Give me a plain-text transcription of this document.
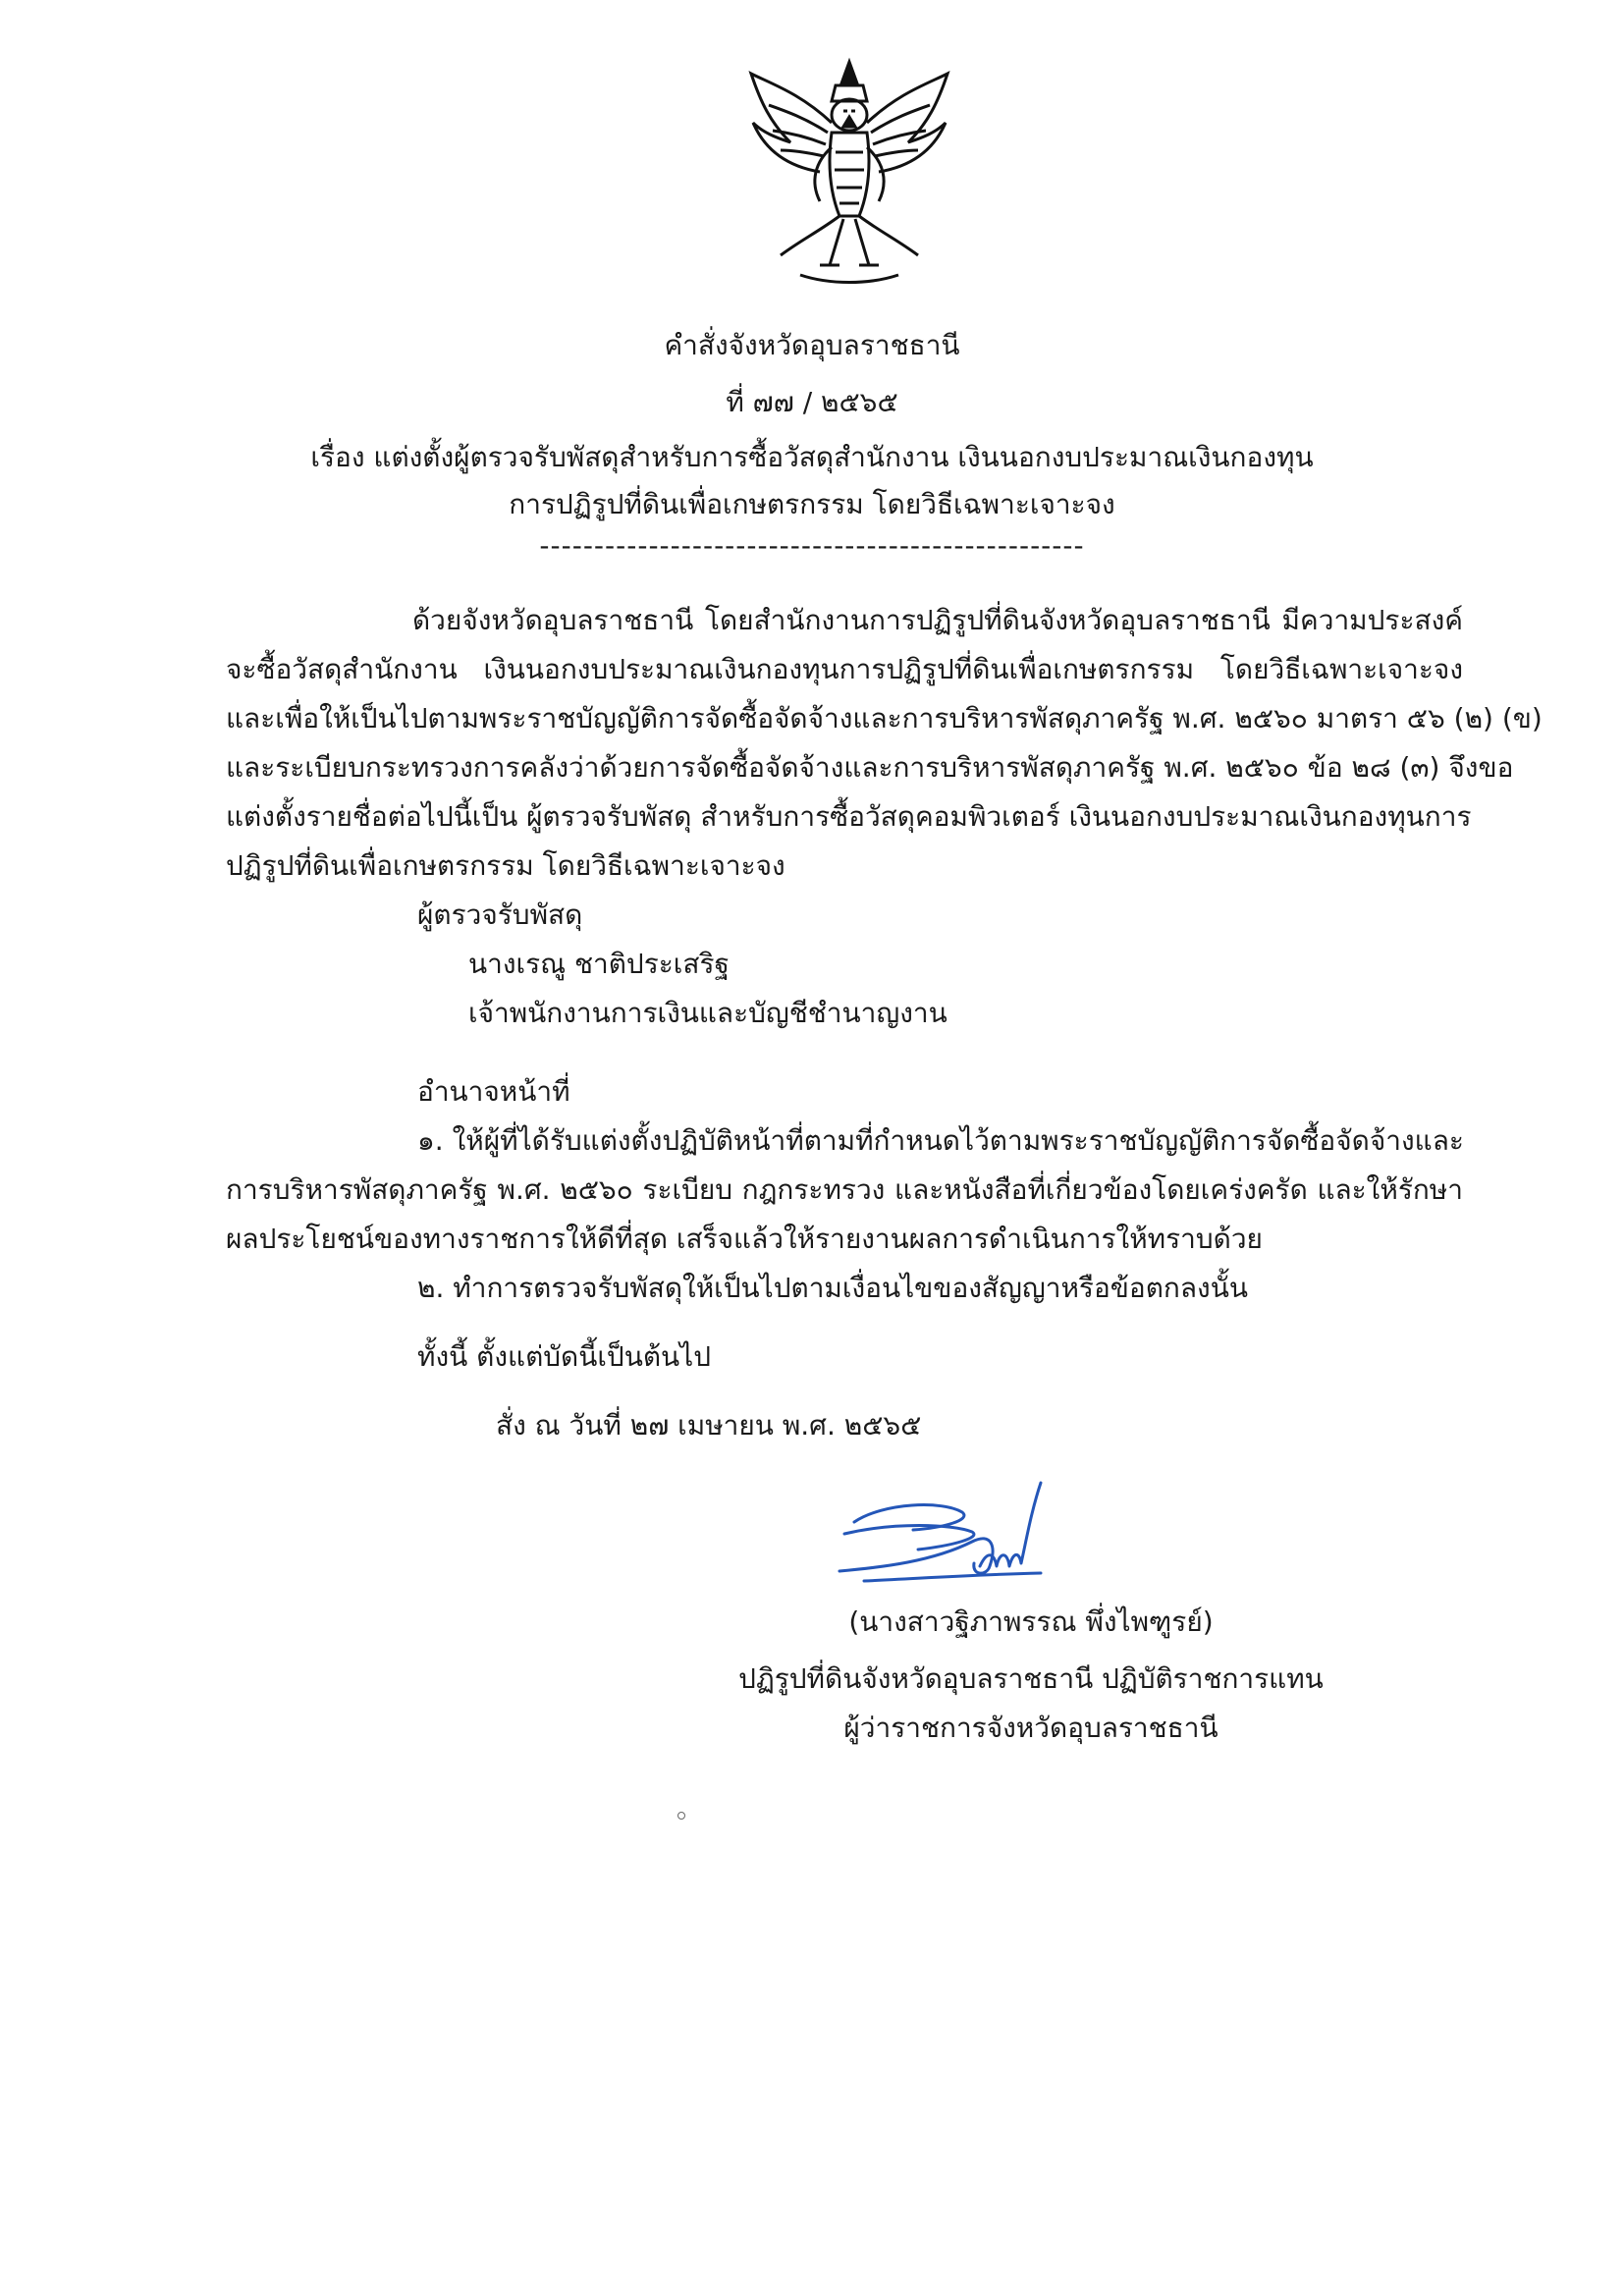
คำสั่งจังหวัดอุบลราชธานี
ที่ ๗๗ / ๒๕๖๕
เรื่อง แต่งตั้งผู้ตรวจรับพัสดุสำหรับการซื้อวัสดุสำนักงาน เงินนอกงบประมาณเงินกองทุน
การปฏิรูปที่ดินเพื่อเกษตรกรรม โดยวิธีเฉพาะเจาะจง
--------------------------------------------------
ด้วยจังหวัดอุบลราชธานี โดยสำนักงานการปฏิรูปที่ดินจังหวัดอุบลราชธานี มีความประสงค์
จะซื้อวัสดุสำนักงาน เงินนอกงบประมาณเงินกองทุนการปฏิรูปที่ดินเพื่อเกษตรกรรม โดยวิธีเฉพาะเจาะจง
และเพื่อให้เป็นไปตามพระราชบัญญัติการจัดซื้อจัดจ้างและการบริหารพัสดุภาครัฐ พ.ศ. ๒๕๖๐ มาตรา ๕๖ (๒) (ข)
และระเบียบกระทรวงการคลังว่าด้วยการจัดซื้อจัดจ้างและการบริหารพัสดุภาครัฐ พ.ศ. ๒๕๖๐ ข้อ ๒๘ (๓) จึงขอ
แต่งตั้งรายชื่อต่อไปนี้เป็น ผู้ตรวจรับพัสดุ สำหรับการซื้อวัสดุคอมพิวเตอร์ เงินนอกงบประมาณเงินกองทุนการ
ปฏิรูปที่ดินเพื่อเกษตรกรรม โดยวิธีเฉพาะเจาะจง
ผู้ตรวจรับพัสดุ
นางเรณู ชาติประเสริฐ
เจ้าพนักงานการเงินและบัญชีชำนาญงาน
อำนาจหน้าที่
๑. ให้ผู้ที่ได้รับแต่งตั้งปฏิบัติหน้าที่ตามที่กำหนดไว้ตามพระราชบัญญัติการจัดซื้อจัดจ้างและ
การบริหารพัสดุภาครัฐ พ.ศ. ๒๕๖๐ ระเบียบ กฎกระทรวง และหนังสือที่เกี่ยวข้องโดยเคร่งครัด และให้รักษา
ผลประโยชน์ของทางราชการให้ดีที่สุด เสร็จแล้วให้รายงานผลการดำเนินการให้ทราบด้วย
๒. ทำการตรวจรับพัสดุให้เป็นไปตามเงื่อนไขของสัญญาหรือข้อตกลงนั้น
ทั้งนี้ ตั้งแต่บัดนี้เป็นต้นไป
สั่ง ณ วันที่ ๒๗ เมษายน พ.ศ. ๒๕๖๕
(นางสาวฐิภาพรรณ พึ่งไพฑูรย์)
ปฏิรูปที่ดินจังหวัดอุบลราชธานี ปฏิบัติราชการแทน
ผู้ว่าราชการจังหวัดอุบลราชธานี
